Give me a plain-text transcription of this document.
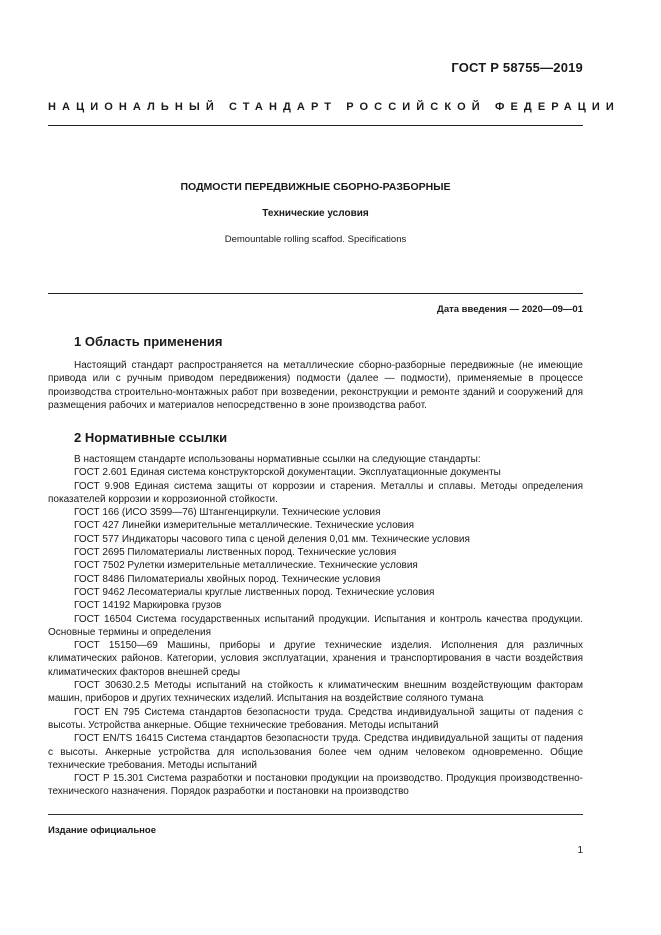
ГОСТ Р 58755—2019
НАЦИОНАЛЬНЫЙ СТАНДАРТ РОССИЙСКОЙ ФЕДЕРАЦИИ
ПОДМОСТИ ПЕРЕДВИЖНЫЕ СБОРНО-РАЗБОРНЫЕ
Технические условия
Demountable rolling scaffod. Specifications
Дата введения — 2020—09—01
1 Область применения

Настоящий стандарт распространяется на металлические сборно-разборные передвижные (не имеющие привода или с ручным приводом передвижения) подмости (далее — подмости), применяемые в процессе производства строительно-монтажных работ при возведении, реконструкции и ремонте зданий и сооружений для размещения рабочих и материалов непосредственно в зоне производства работ.

2 Нормативные ссылки

В настоящем стандарте использованы нормативные ссылки на следующие стандарты:

ГОСТ 2.601 Единая система конструкторской документации. Эксплуатационные документы

ГОСТ 9.908 Единая система защиты от коррозии и старения. Металлы и сплавы. Методы определения показателей коррозии и коррозионной стойкости.

ГОСТ 166 (ИСО 3599—76) Штангенциркули. Технические условия

ГОСТ 427 Линейки измерительные металлические. Технические условия

ГОСТ 577 Индикаторы часового типа с ценой деления 0,01 мм. Технические условия

ГОСТ 2695 Пиломатериалы лиственных пород. Технические условия

ГОСТ 7502 Рулетки измерительные металлические. Технические условия

ГОСТ 8486 Пиломатериалы хвойных пород. Технические условия

ГОСТ 9462 Лесоматериалы круглые лиственных пород. Технические условия

ГОСТ 14192 Маркировка грузов

ГОСТ 16504 Система государственных испытаний продукции. Испытания и контроль качества продукции. Основные термины и определения

ГОСТ 15150—69 Машины, приборы и другие технические изделия. Исполнения для различных климатических районов. Категории, условия эксплуатации, хранения и транспортирования в части воздействия климатических факторов внешней среды

ГОСТ 30630.2.5 Методы испытаний на стойкость к климатическим внешним воздействующим факторам машин, приборов и других технических изделий. Испытания на воздействие соляного тумана

ГОСТ EN 795 Система стандартов безопасности труда. Средства индивидуальной защиты от падения с высоты. Устройства анкерные. Общие технические требования. Методы испытаний

ГОСТ EN/TS 16415 Система стандартов безопасности труда. Средства индивидуальной защиты от падения с высоты. Анкерные устройства для использования более чем одним человеком одновременно. Общие технические требования. Методы испытаний

ГОСТ Р 15.301 Система разработки и постановки продукции на производство. Продукция производственно-технического назначения. Порядок разработки и постановки на производство

Издание официальное
1
